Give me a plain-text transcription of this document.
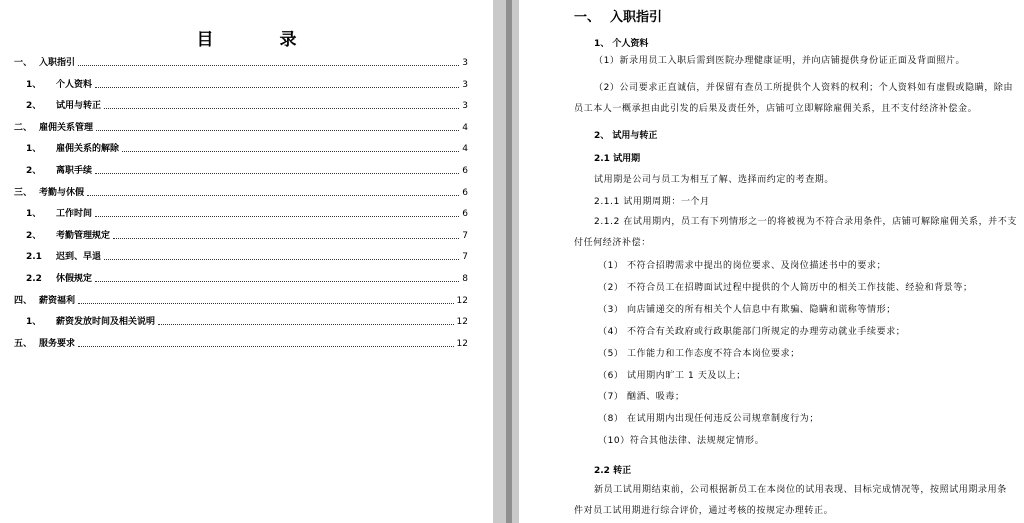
目 录
一、 入职指引	3
1、	个人资料	3
2、	试用与转正	3
二、 雇佣关系管理	4
1、	雇佣关系的解除	4
2、	离职手续	6
三、 考勤与休假	6
1、	工作时间	6
2、	考勤管理规定	7
2.1	迟到、早退	7
2.2	休假规定	8
四、 薪资福利	12
1、	薪资发放时间及相关说明	12
五、 服务要求	12
一、 入职指引
1、 个人资料
（1）新录用员工入职后需到医院办理健康证明，并向店铺提供身份证正面及背面照片。
（2）公司要求正直诚信，并保留有查员工所提供个人资料的权利；个人资料如有虚假或隐瞒，除由
员工本人一概承担由此引发的后果及责任外，店铺可立即解除雇佣关系，且不支付经济补偿金。
2、 试用与转正
2.1 试用期
试用期是公司与员工为相互了解、选择而约定的考查期。
2.1.1 试用期周期：一个月
2.1.2 在试用期内，员工有下列情形之一的将被视为不符合录用条件，店铺可解除雇佣关系，并不支
付任何经济补偿：
（1） 不符合招聘需求中提出的岗位要求、及岗位描述书中的要求；
（2） 不符合员工在招聘面试过程中提供的个人简历中的相关工作技能、经验和背景等；
（3） 向店铺递交的所有相关个人信息中有欺骗、隐瞒和谎称等情形；
（4） 不符合有关政府或行政职能部门所规定的办理劳动就业手续要求；
（5） 工作能力和工作态度不符合本岗位要求；
（6） 试用期内旷工 1 天及以上；
（7） 酗酒、吸毒；
（8） 在试用期内出现任何违反公司规章制度行为；
（10）符合其他法律、法规规定情形。
2.2 转正
新员工试用期结束前，公司根据新员工在本岗位的试用表现、目标完成情况等，按照试用期录用条
件对员工试用期进行综合评价，通过考核的按规定办理转正。
